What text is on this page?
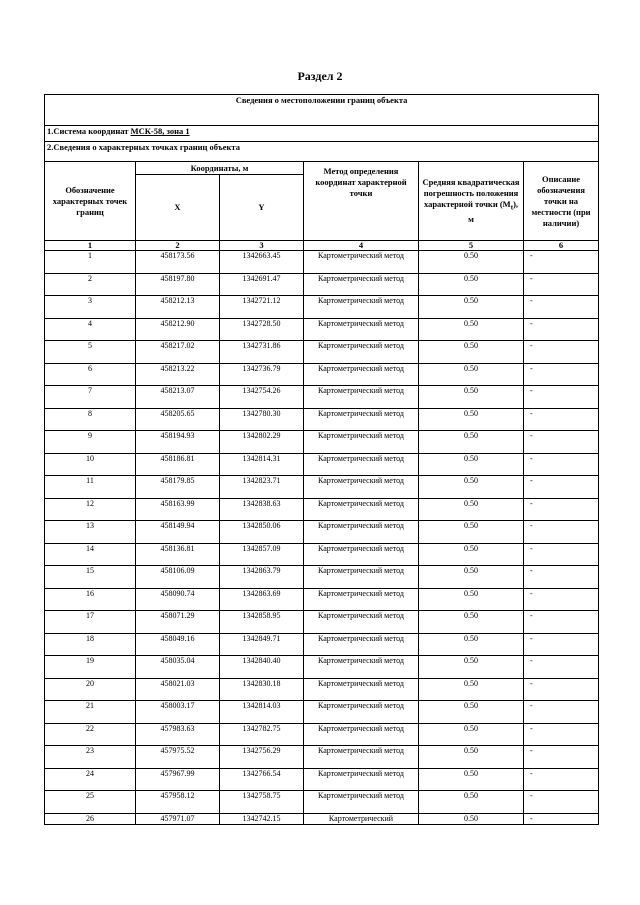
Раздел 2
Сведения о местоположении границ объекта					
1.Система координат МСК-58, зона 1					
2.Сведения о характерных точках границ объекта					
Обозначение характерных точек границ	Координаты, м		Метод определения координат характерной точки	Средняя квадратическая погрешность положения характерной точки $(M_t)$, м	Описание обозначения точки на местности (при наличии)
	X	Y			
1	2	3	4	5	6
1	458173.56	1342663.45	Картометрический метод	0.50	-
2	458197.80	1342691.47	Картометрический метод	0.50	-
3	458212.13	1342721.12	Картометрический метод	0.50	-
4	458212.90	1342728.50	Картометрический метод	0.50	-
5	458217.02	1342731.86	Картометрический метод	0.50	-
6	458213.22	1342736.79	Картометрический метод	0.50	-
7	458213.07	1342754.26	Картометрический метод	0.50	-
8	458205.65	1342780.30	Картометрический метод	0.50	-
9	458194.93	1342802.29	Картометрический метод	0.50	-
10	458186.81	1342814.31	Картометрический метод	0.50	-
11	458179.85	1342823.71	Картометрический метод	0.50	-
12	458163.99	1342838.63	Картометрический метод	0.50	-
13	458149.94	1342850.06	Картометрический метод	0.50	-
14	458136.81	1342857.09	Картометрический метод	0.50	-
15	458106.09	1342863.79	Картометрический метод	0.50	-
16	458090.74	1342863.69	Картометрический метод	0.50	-
17	458071.29	1342858.95	Картометрический метод	0.50	-
18	458049.16	1342849.71	Картометрический метод	0.50	-
19	458035.04	1342840.40	Картометрический метод	0.50	-
20	458021.03	1342830.18	Картометрический метод	0.50	-
21	458003.17	1342814.03	Картометрический метод	0.50	-
22	457983.63	1342782.75	Картометрический метод	0.50	-
23	457975.52	1342756.29	Картометрический метод	0.50	-
24	457967.99	1342766.54	Картометрический метод	0.50	-
25	457958.12	1342758.75	Картометрический метод	0.50	-
26	457971.07	1342742.15	Картометрический	0.50	-
